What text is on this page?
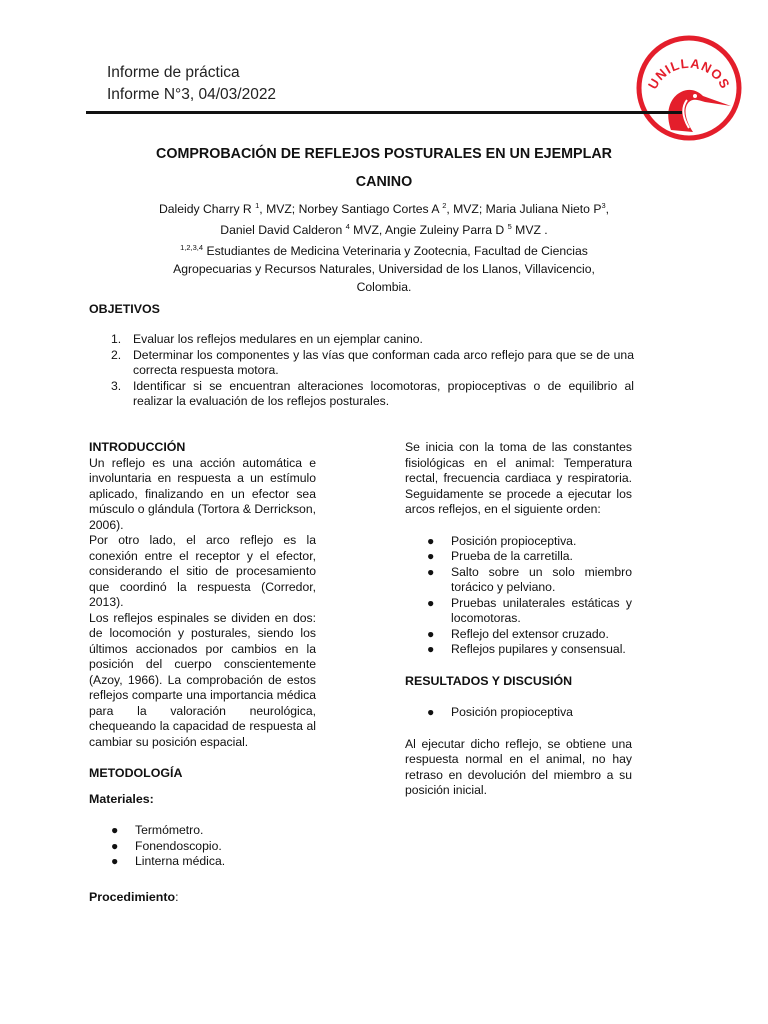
Informe de práctica
Informe N°3, 04/03/2022
UNILLANOS
COMPROBACIÓN DE REFLEJOS POSTURALES EN UN EJEMPLAR
CANINO
Daleidy Charry R $^1$, MVZ; Norbey Santiago Cortes A $^2$, MVZ; Maria Juliana Nieto $P^3$,
Daniel David Calderon $^4$ MVZ, Angie Zuleiny Parra D $^5$ MVZ .
$^{1,2,3,4}$ Estudiantes de Medicina Veterinaria y Zootecnia, Facultad de Ciencias
Agropecuarias y Recursos Naturales, Universidad de los Llanos, Villavicencio,
Colombia.
OBJETIVOS
1. Evaluar los reflejos medulares en un ejemplar canino.
2. Determinar los componentes y las vías que conforman cada arco reflejo para que se de una correcta respuesta motora.
3. Identificar si se encuentran alteraciones locomotoras, propioceptivas o de equilibrio al realizar la evaluación de los reflejos posturales.
INTRODUCCIÓN

Un reflejo es una acción automática e involuntaria en respuesta a un estímulo aplicado, finalizando en un efector sea músculo o glándula (Tortora & Derrickson, 2006).

Por otro lado, el arco reflejo es la conexión entre el receptor y el efector, considerando el sitio de procesamiento que coordinó la respuesta (Corredor, 2013).

Los reflejos espinales se dividen en dos: de locomoción y posturales, siendo los últimos accionados por cambios en la posición del cuerpo conscientemente (Azoy, 1966). La comprobación de estos reflejos comparte una importancia médica para la valoración neurológica, chequeando la capacidad de respuesta al cambiar su posición espacial.

METODOLOGÍA
Materiales:
● Termómetro.
● Fonendoscopio.
● Linterna médica.
Procedimiento:

Se inicia con la toma de las constantes fisiológicas en el animal: Temperatura rectal, frecuencia cardiaca y respiratoria. Seguidamente se procede a ejecutar los arcos reflejos, en el siguiente orden:

● Posición propioceptiva.
● Prueba de la carretilla.
● Salto sobre un solo miembro torácico y pelviano.
● Pruebas unilaterales estáticas y locomotoras.
● Reflejo del extensor cruzado.
● Reflejos pupilares y consensual.
RESULTADOS Y DISCUSIÓN
● Posición propioceptiva

Al ejecutar dicho reflejo, se obtiene una respuesta normal en el animal, no hay retraso en devolución del miembro a su posición inicial.
